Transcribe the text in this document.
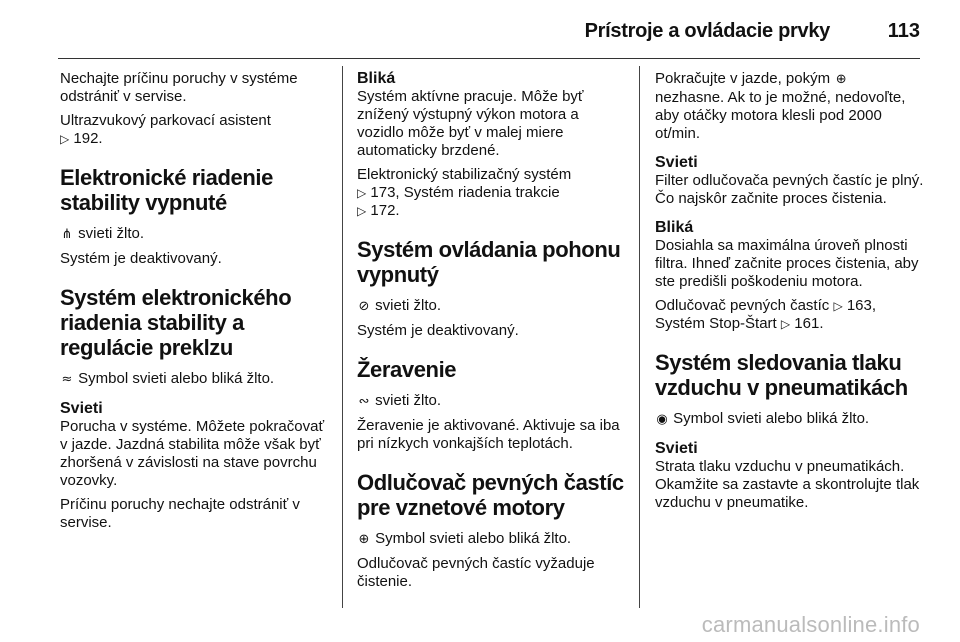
Prístroje a ovládacie prvky	113

Nechajte príčinu poruchy v systéme odstrániť v servise.

Ultrazvukový parkovací asistent
▷ 192.

Elektronické riadenie stability vypnuté

⋔ svieti žlto.

Systém je deaktivovaný.

Systém elektronického riadenia stability a regulácie preklzu

≈ Symbol svieti alebo bliká žlto.

Svieti

Porucha v systéme. Môžete pokračovať v jazde. Jazdná stabilita môže však byť zhoršená v závislosti na stave povrchu vozovky.

Príčinu poruchy nechajte odstrániť v servise.

Bliká

Systém aktívne pracuje. Môže byť znížený výstupný výkon motora a vozidlo môže byť v malej miere automaticky brzdené.

Elektronický stabilizačný systém
▷ 173, Systém riadenia trakcie
▷ 172.

Systém ovládania pohonu vypnutý

⊘ svieti žlto.

Systém je deaktivovaný.

Žeravenie

∾ svieti žlto.

Žeravenie je aktivované. Aktivuje sa iba pri nízkych vonkajších teplotách.

Odlučovač pevných častíc pre vznetové motory

⊕ Symbol svieti alebo bliká žlto.

Odlučovač pevných častíc vyžaduje čistenie.

Pokračujte v jazde, pokým ⊕
nezhasne. Ak to je možné, nedovoľte, aby otáčky motora klesli pod 2000 ot/min.

Svieti

Filter odlučovača pevných častíc je plný. Čo najskôr začnite proces čistenia.

Bliká

Dosiahla sa maximálna úroveň plnosti filtra. Ihneď začnite proces čistenia, aby ste predišli poškodeniu motora.

Odlučovač pevných častíc ▷ 163,
Systém Stop-Štart ▷ 161.

Systém sledovania tlaku vzduchu v pneumatikách

◉ Symbol svieti alebo bliká žlto.

Svieti

Strata tlaku vzduchu v pneumatikách. Okamžite sa zastavte a skontrolujte tlak vzduchu v pneumatike.

carmanualsonline.info
